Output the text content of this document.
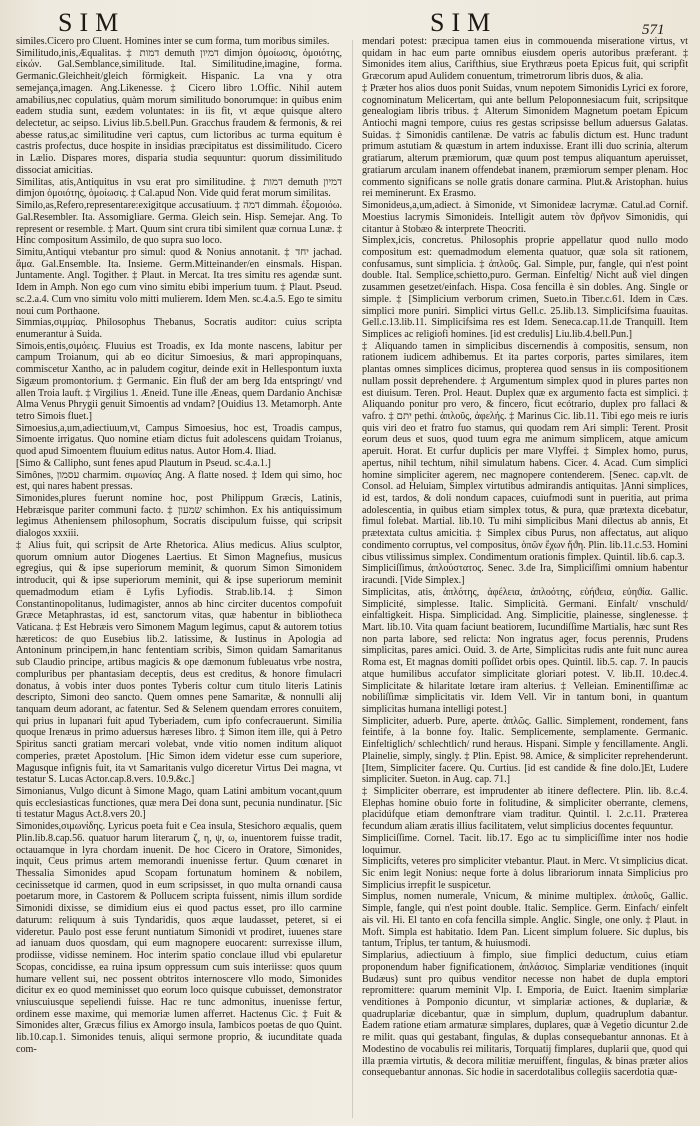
SIM	SIM	571

similes.Cicero pro Cluent. Homines inter se cum forma, tum moribus similes.

Similitudo,inis,Æqualitas. ‡ דמות demuth דמיון dimjon ὁμοίωσις, ὁμοιότης, εἰκών. Gal.Semblance,similitude. Ital. Similitudine,imagine, forma. Germanic.Gleichheit/gleich förmigkeit. Hispanic. La vna y otra semejança,imagen. Ang.Likenesse. ‡ Cicero libro 1.Offic. Nihil autem amabilius,nec copulatius, quàm morum similitudo bonorumque: in quibus enim eadem studia sunt, eædem voluntates: in iis fit, vt æque quisque altero delectetur, ac seipso. Livius lib.5.bell.Pun. Gracchus fraudem & fermonis, & rei abesse ratus,ac similitudine veri captus, cum lictoribus ac turma equitum è castris profectus, duce hospite in insidias præcipitatus est dissimilitudo. Cicero in Lælio. Dispares mores, disparia studia sequuntur: quorum dissimilitudo dissociat amicitias.

Similitas, atis,Antiquitus in vsu erat pro similitudine. ‡ דמות demuth דמיון dimjon ὁμοιότης, ὁμοίωσις. ‡ Cal.apud Non. Vide quid ferat morum similitas.

Similo,as,Refero,representare:exigitque accusatiuum. ‡ דמה dimmah. ἐξομοιόω. Gal.Resembler. Ita. Assomigliare. Germa. Gleich sein. Hisp. Semejar. Ang. To represent or resemble. ‡ Mart. Quum sint crura tibi similent quæ cornua Lunæ. ‡ Hinc compositum Assimilo, de quo supra suo loco.

Simitu,Antiqui vtebantur pro simul: quod & Nonius annotanit. ‡ יחד jachad. ἅμα. Gal.Ensemble. Ita. Insieme. Germ.Mitteinander/en einsmals. Hispan. Juntamente. Angl. Togither. ‡ Plaut. in Mercat. Ita tres simitu res agendæ sunt. Idem in Amph. Non ego cum vino simitu ebibi imperium tuum. ‡ Plaut. Pseud. sc.2.a.4. Cum vno simitu volo mitti mulierem. Idem Men. sc.4.a.5. Ego te simitu noui cum Porthaone.

Simmias,σιμμίας. Philosophus Thebanus, Socratis auditor: cuius scripta enumerantur à Suida.

Simois,entis,σιμόεις. Fluuius est Troadis, ex Ida monte nascens, labitur per campum Troianum, qui ab eo dicitur Simoesius, & mari appropinquans, commiscetur Xantho, ac in paludem cogitur, deinde exit in Hellespontum iuxta Sigæum promontorium. ‡ Germanic. Ein fluß der am berg Ida entspringt/ vnd allen Troia lauft. ‡ Virgilius 1. Æneid. Tune ille Æneas, quem Dardanio Anchisæ Alma Venus Phrygii genuit Simoentis ad vndam? [Ouidius 13. Metamorph. Ante tetro Simois fluet.]

Simoesius,a,um,adiectiuum,vt, Campus Simoesius, hoc est, Troadis campus, Simoente irrigatus. Quo nomine etiam dictus fuit adolescens quidam Troianus, quod apud Simoentem fluuium editus natus. Autor Hom.4. Iliad.

[Simo & Callipho, sunt fenes apud Plautum in Pseud. sc.4.a.1.]

Simônes, עסמון charmim. σιμωνίας Ang. A flatte nosed. ‡ Idem qui simo, hoc est, qui nares habent pressas.

Simonides,plures fuerunt nomine hoc, post Philippum Græcis, Latinis, Hebræisque pariter communi facto. ‡ שמעון schimhon. Ex his antiquissimum legimus Atheniensem philosophum, Socratis discipulum fuisse, qui scripsit dialogos xxxiii.

‡ Alius fuit, qui scripsit de Arte Rhetorica. Alius medicus. Alius sculptor, quorum omnium autor Diogenes Laertius. Et Simon Magnefius, musicus egregius, qui & ipse superiorum meminit, & quorum Simon Simonidem introducit, qui & ipse superiorum meminit, qui & ipse superiorum meminit quemadmodum etiam ē Lyfis Lyfiodis. Strab.lib.14. ‡ Simon Constantinopolitanus, ludimagister, annos ab hinc circiter ducentos compofuit Græce Metaphrastas, id est, sanctorum vitas, quæ habentur in bibliotheca Vaticana. ‡ Est Hebræis vero Simonem Magum legimus, caput & autorem totius hæreticos: de quo Eusebius lib.2. latissime, & Iustinus in Apologia ad Antoninum principem,in hanc fententiam scribis, Simon quidam Samaritanus sub Claudio principe, artibus magicis & ope dæmonum fubleuatus vrbe nostra, compluribus per phantasiam deceptis, deus est creditus, & honore fimulacri donatus, à vobis inter duos pontes Tyberis coltur cum titulo literis Latinis descripto, Simoni deo sancto. Quem omnes pene Samaritæ, & nonnulli alij tanquam deum adorant, ac fatentur. Sed & Selenem quendam errores conuitem, qui prius in lupanari fuit apud Tyberiadem, cum ipfo confecrauerunt. Similia quoque Irenæus in primo aduersus hæreses libro. ‡ Simon item ille, qui à Petro Spiritus sancti gratiam mercari volebat, vnde vitio nomen inditum aliquot comperies, prætet Apostolum. [Hic Simon idem videtur esse cum superiore, Magusque infignis fuit, ita vt Samaritanis vulgo diceretur Virtus Dei magna, vt testatur S. Lucas Actor.cap.8.vers. 10.9.&c.]

Simonianus, Vulgo dicunt à Simone Mago, quam Latini ambitum vocant,quum quis ecclesiasticas functiones, quæ mera Dei dona sunt, pecunia nundinatur. [Sic ti testatur Magus Act.8.vers 20.]

Simonides,σιμωνίδης. Lyricus poeta fuit e Cea insula, Stesichoro æqualis, quem Plin.lib.8.cap.56. quatuor harum literarum ζ, η, ψ, ω, inuentorem fuisse tradit, octauamque in lyra chordam inuenit. De hoc Cicero in Oratore, Simonides, inquit, Ceus primus artem memorandi inuenisse fertur. Quum cœnaret in Thessalia Simonides apud Scopam fortunatum hominem & nobilem, cecinissetque id carmen, quod in eum scripsisset, in quo multa ornandi causa poetarum more, in Castorem & Pollucem scripta fuissent, nimis illum sordide Simonidi dixisse, se dimidium eius ei quod pactus esset, pro illo carmine daturum: reliquum à suis Tyndaridis, quos æque laudasset, peteret, si ei videretur. Paulo post esse ferunt nuntiatum Simonidi vt prodiret, iuuenes stare ad ianuam duos quosdam, qui eum magnopere euocarent: surrexisse illum, prodiisse, vidisse neminem. Hoc interim spatio conclaue illud vbi epularetur Scopas, concidisse, ea ruina ipsum oppressum cum suis interiisse: quos quum humare vellent sui, nec possent obtritos internoscere vllo modo, Simonides dicitur ex eo quod meminisset quo eorum loco quisque cubuisset, demonstrator vniuscuiusque sepeliendi fuisse. Hac re tunc admonitus, inuenisse fertur, ordinem esse maxime, qui memoriæ lumen afferret. Hactenus Cic. ‡ Fuit & Simonides alter, Græcus filius ex Amorgo insula, Iambicos poetas de quo Quint. lib.10.cap.1. Simonides tenuis, aliqui sermone proprio, & iucunditate quada com-

mendari potest: præcipua tamen eius in commouenda miseratione virtus, vt quidam in hac eum parte omnibus eiusdem operis autoribus præferant. ‡ Simonides item alius, Carifthius, siue Erythræus poeta Epicus fuit, qui scripfit Græcorum apud Aulidem conuentum, trimetrorum libris duos, & alia.

‡ Præter hos alios duos ponit Suidas, vnum nepotem Simonidis Lyrici ex forore, cognominatum Melicertam, qui ante bellum Peloponnesiacum fuit, scripsitque genealogiam libris tribus. ‡ Alterum Simonidem Magnetum poetam Epicum Antiochi magni tempore, cuius res gestas scripsisse bellum aduersus Galatas. Suidas. ‡ Simonidis cantilenæ. De vatris ac fabulis dictum est. Hunc tradunt primum astutiam & quæstum in artem induxisse. Erant illi duo scrinia, alterum gratiarum, alterum præmiorum, quæ quum post tempus aliquantum aperuisset, gratiarum arculam inanem offendebat inanem, præmiorum semper plenam. Hoc commento significans se nolle gratis donare carmina. Plut.& Aristophan. huius rei meminerunt. Ex Erasmo.

Simonideus,a,um,adiect. à Simonide, vt Simonideæ lacrymæ. Catul.ad Cornif. Moestius lacrymis Simonideis. Intelligit autem τὸν ϑρῆνον Simonidis, qui citantur à Stobæo & interprete Theocriti.

Simplex,icis, concretus. Philosophis proprie appellatur quod nullo modo compositum est: quemadmodum elementa quatuor, quæ sola sit rationem, confusamus, sunt simplicia. ‡ ἁπλοῦς. Gal. Simple, pur, fangle, qui n'est point double. Ital. Semplice,schietto,puro. German. Einfeltig/ Nicht auß viel dingen zusammen gesetzet/einfach. Hispa. Cosa fencilla è sin dobles. Ang. Single or simple. ‡ [Simplicium verborum crimen, Sueto.in Tiber.c.61. Idem in Cæs. simplici more puniri. Simplici virtus Gell.c. 25.lib.13. Simplicifsima fuauitas. Gell.c.13.lib.11. Simplicifsima res est Idem. Seneca.cap.11.de Tranquill. Item Simplices ac religiofi homines. [id est credulis] Liu.lib.4.bell.Pun.]

‡ Aliquando tamen in simplicibus discernendis à compositis, sensum, non rationem iudicem adhibemus. Et ita partes corporis, partes similares, item plantas omnes simplices dicimus, propterea quod sensus in iis compositionem nullam possit deprehendere. ‡ Argumentum simplex quod in plures partes non est diuisum. Teren. Prol. Heaut. Duplex quæ ex argumento facta est simplici. ‡ Aliquando ponitur pro vero, & fincero, ficut ecótrario, duplex pro fallaci & vafro. ‡ יתם pethi. ἁπλοῦς, ἀφελής. ‡ Marinus Cic. lib.11. Tibi ego meis re iuris quis viri deo et fratro fuo stamus, qui quodam rem Ari simpli: Terent. Prosit eorum deus et suos, quod tuum egra me animum simplicem, atque amicum aperuit. Horat. Et curfur duplicis per mare Vlyffei. ‡ Simplex homo, purus, apertus, nihil techtum, nihil simulatum habens. Cicer. 4. Acad. Cum simplici homine simpliciter agerem, nec magnopere contenderem. [Senec. cap.vlt. de Consol. ad Heluiam, Simplex virtutibus admirandis antiquitas. ]Anni simplices, id est, tardos, & doli nondum capaces, cuiufmodi sunt in pueritia, aut prima adolescentia, in quibus etiam simplex totus, & pura, quæ prætexta dicebatur, fimul folebat. Martial. lib.10. Tu mihi simplicibus Mani dilectus ab annis, Et prætextata cultus amicitia. ‡ Simplex cibus Purus, non affectatus, aut aliquo condimento corruptus, vel compositus, ὁπῶν ἔχων ἤϑη. Plin. lib.11.c.53. Homini cibus vtilissimus simplex. Condimentum orationis fimplex. Quintil. lib.6. cap.3.

Simpliciſſimus, ἁπλούστατος. Senec. 3.de Ira, Simpliciſſimi omnium habentur iracundi. [Vide Simplex.]

Simplicitas, atis, ἁπλότης, ἀφέλεια, ἀπλοότης, εὐήϑεια, εὐηϑία. Gallic. Simplicité, simplesse. Italic. Simplicità. Germani. Einfalt/ vnschuld/ einfaltigkeit. Hispa. Simplicidad. Ang. Simplicitie, plainesse, singlenesse. ‡ Mart. lib.10. Vita quam faciunt beatiorem, Iucundiſſime Martialis, hæc sunt Res non parta labore, sed relicta: Non ingratus ager, focus perennis, Prudens simplicitas, pares amici. Ouid. 3. de Arte, Simplicitas rudis ante fuit nunc aurea Roma est, Et magnas domiti poſſidet orbis opes. Quintil. lib.5. cap. 7. In paucis atque humilibus accufator simplicitate gloriari potest. V. lib.II. 10.dec.4. Simplicitate & hilaritate lœtare iram alterius. ‡ Velleian. Eminentiſſimæ ac nobiliſſimæ simplicitatis vir. Idem Vell. Vir in tantum boni, in quantum simplicitas humana intelligi potest.]

Simpliciter, aduerb. Pure, aperte. ἁπλῶς. Gallic. Simplement, rondement, fans feintife, à la bonne foy. Italic. Semplicemente, semplamente. Germanic. Einfeltiglich/ schlechtlich/ rund heraus. Hispani. Simple y fencillamente. Angli. Plainelie, simply, singly. ‡ Plin. Epist. 98. Amice, & simpliciter reprehenderunt. [Item, Simpliciter facere. Qu. Curtius. [id est candide & fine dolo.]Et, Ludere simpliciter. Sueton. in Aug. cap. 71.]

‡ Simpliciter oberrare, est imprudenter ab itinere deflectere. Plin. lib. 8.c.4. Elephas homine obuio forte in folitudine, & simpliciter oberrante, clemens, placidúfque etiam demonftrare viam traditur. Quintil. l. 2.c.11. Præterea fecundum aliam æratis illius facilitatem, velut simplicius docentes fequuntur.

Simpliciſſime. Cornel. Tacit. lib.17. Ego ac tu simpliciſſime inter nos hodie loquimur.

Simplicifts, veteres pro simpliciter vtebantur. Plaut. in Merc. Vt simplicius dicat. Sic enim legit Nonius: neque forte à dolus librariorum innata Simplicius pro Simplicius irrepfit le suspicetur.

Simplus, nomen numerale, Vnicum, & minime multiplex. ἁπλοῦς, Gallic. Simple, fangle, qui n'est point double. Italic. Semplice. Germ. Einfach/ einfelt ais vil. Hi. El tanto en cofa fencilla simple. Anglic. Single, one only. ‡ Plaut. in Moft. Simpla est habitatio. Idem Pan. Licent simplum foluere. Sic duplus, bis tantum, Triplus, ter tantum, & huiusmodi.

Simplarius, adiectiuum à fimplo, siue fimplici deductum, cuius etiam proponendum haber fignificationem, ἀπλάσιος. Simplariæ venditiones (inquit Budæus) sunt pro quibus venditor necesse non habet de dupla emptori repromittere: quarum meminit Vlp. I. Emporia, de Euict. Itaenim simplariæ venditiones à Pomponio dicuntur, vt simplariæ actiones, & duplariæ, & quadruplariæ dicebantur, quæ in simplum, duplum, quadruplum dabantur. Eadem ratione etiam armaturæ simplares, duplares, quæ à Vegetio dicuntur 2.de re milit. quas qui gestabant, fingulas, & duplas consequebantur annonas. Et à Modestino de vocabulis rei militaris, Torquatij fimplares, duplarii que, quod qui illa præmia virtutis, & decora militiæ meruiffent, fingulas, & binas præter alios consequebantur annonas. Sic hodie in sacerdotalibus collegiis sacerdotia quæ-
